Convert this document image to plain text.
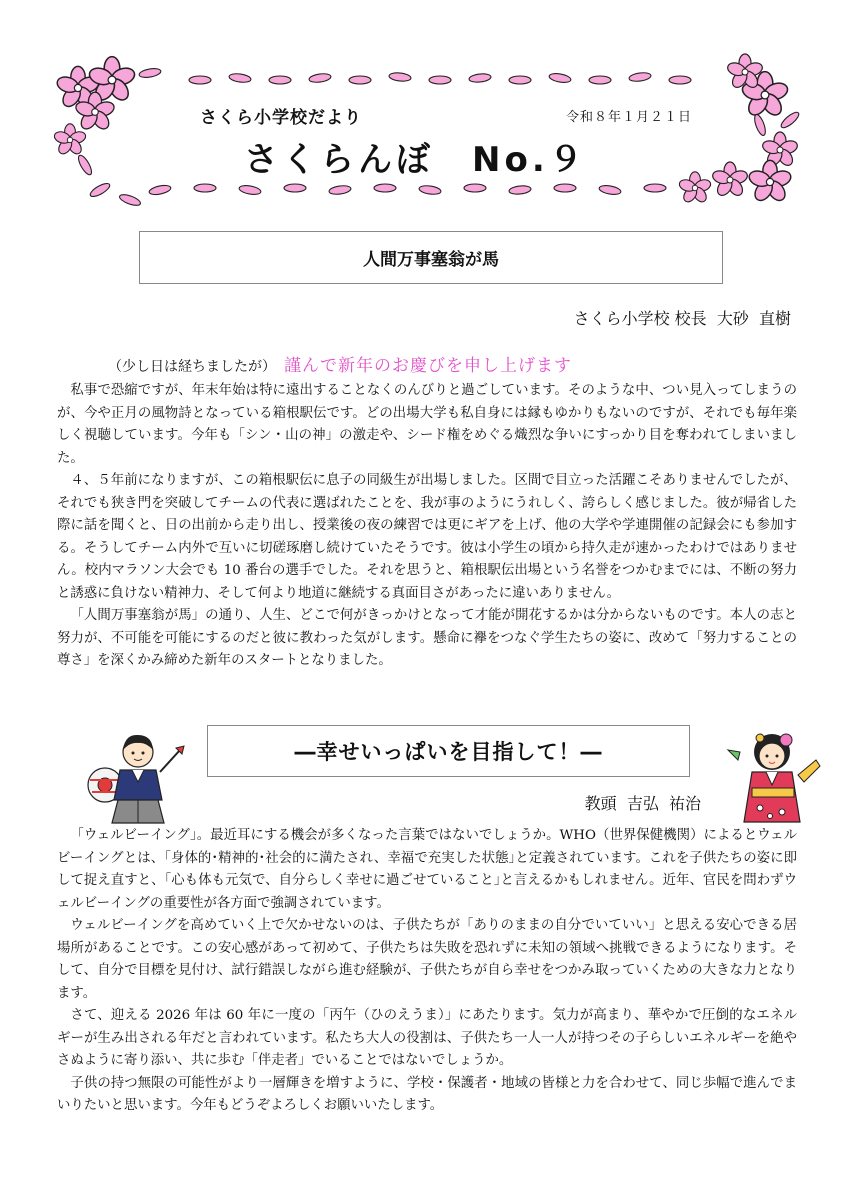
さくら小学校だより	令和８年１月２１日
さくらんぼ　No.９
人間万事塞翁が馬
さくら小学校 校長  大砂  直樹
（少し日は経ちましたが） 謹んで新年のお慶びを申し上げます

私事で恐縮ですが、年末年始は特に遠出することなくのんびりと過ごしています。そのような中、つい見入ってしまうのが、今や正月の風物詩となっている箱根駅伝です。どの出場大学も私自身には縁もゆかりもないのですが、それでも毎年楽しく視聴しています。今年も「シン・山の神」の激走や、シード権をめぐる熾烈な争いにすっかり目を奪われてしまいました。

４、５年前になりますが、この箱根駅伝に息子の同級生が出場しました。区間で目立った活躍こそありませんでしたが、それでも狭き門を突破してチームの代表に選ばれたことを、我が事のようにうれしく、誇らしく感じました。彼が帰省した際に話を聞くと、日の出前から走り出し、授業後の夜の練習では更にギアを上げ、他の大学や学連開催の記録会にも参加する。そうしてチーム内外で互いに切磋琢磨し続けていたそうです。彼は小学生の頃から持久走が速かったわけではありません。校内マラソン大会でも 10 番台の選手でした。それを思うと、箱根駅伝出場という名誉をつかむまでには、不断の努力と誘惑に負けない精神力、そして何より地道に継続する真面目さがあったに違いありません。

「人間万事塞翁が馬」の通り、人生、どこで何がきっかけとなって才能が開花するかは分からないものです。本人の志と努力が、不可能を可能にするのだと彼に教わった気がします。懸命に襷をつなぐ学生たちの姿に、改めて「努力することの尊さ」を深くかみ締めた新年のスタートとなりました。

―幸せいっぱいを目指して！―
教頭  吉弘  祐治

「ウェルビーイング」。最近耳にする機会が多くなった言葉ではないでしょうか。WHO（世界保健機関）によるとウェルビーイングとは、｢身体的･精神的･社会的に満たされ、幸福で充実した状態｣と定義されています。これを子供たちの姿に即して捉え直すと、｢心も体も元気で、自分らしく幸せに過ごせていること｣と言えるかもしれません。近年、官民を問わずウェルビーイングの重要性が各方面で強調されています。

ウェルビーイングを高めていく上で欠かせないのは、子供たちが「ありのままの自分でいていい」と思える安心できる居場所があることです。この安心感があって初めて、子供たちは失敗を恐れずに未知の領域へ挑戦できるようになります。そして、自分で目標を見付け、試行錯誤しながら進む経験が、子供たちが自ら幸せをつかみ取っていくための大きな力となります。

さて、迎える 2026 年は 60 年に一度の「丙午（ひのえうま）」にあたります。気力が高まり、華やかで圧倒的なエネルギーが生み出される年だと言われています。私たち大人の役割は、子供たち一人一人が持つその子らしいエネルギーを絶やさぬように寄り添い、共に歩む「伴走者」でいることではないでしょうか。

子供の持つ無限の可能性がより一層輝きを増すように、学校・保護者・地域の皆様と力を合わせて、同じ歩幅で進んでまいりたいと思います。今年もどうぞよろしくお願いいたします。
